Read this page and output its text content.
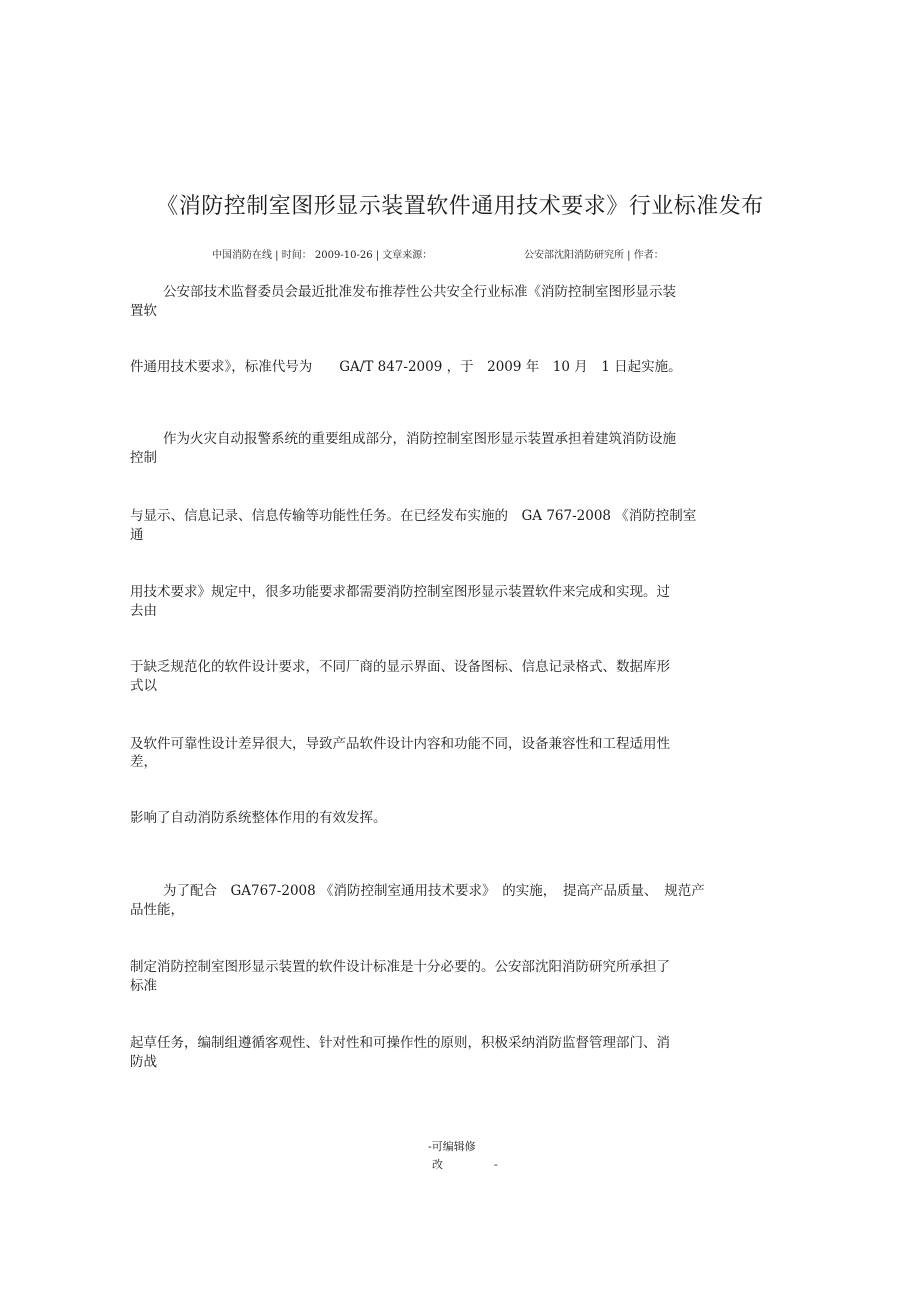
《消防控制室图形显示装置软件通用技术要求》行业标准发布
中国消防在线 | 时间： 2009-10-26 | 文章来源：	公安部沈阳消防研究所 | 作者：
公安部技术监督委员会最近批准发布推荐性公共安全行业标准《消防控制室图形显示装
置软
件通用技术要求》，标准代号为　　GA/T 847-2009 ，于　2009 年　10 月　1 日起实施。
作为火灾自动报警系统的重要组成部分，消防控制室图形显示装置承担着建筑消防设施
控制
与显示、信息记录、信息传输等功能性任务。在已经发布实施的　GA 767-2008 《消防控制室
通
用技术要求》规定中，很多功能要求都需要消防控制室图形显示装置软件来完成和实现。过
去由
于缺乏规范化的软件设计要求，不同厂商的显示界面、设备图标、信息记录格式、数据库形
式以
及软件可靠性设计差异很大，导致产品软件设计内容和功能不同，设备兼容性和工程适用性
差，
影响了自动消防系统整体作用的有效发挥。
为了配合　GA767-2008 《消防控制室通用技术要求》　的实施，　提高产品质量、　规范产
品性能，
制定消防控制室图形显示装置的软件设计标准是十分必要的。公安部沈阳消防研究所承担了
标准
起草任务，编制组遵循客观性、针对性和可操作性的原则，积极采纳消防监督管理部门、消
防战
-可编辑修
改	-
